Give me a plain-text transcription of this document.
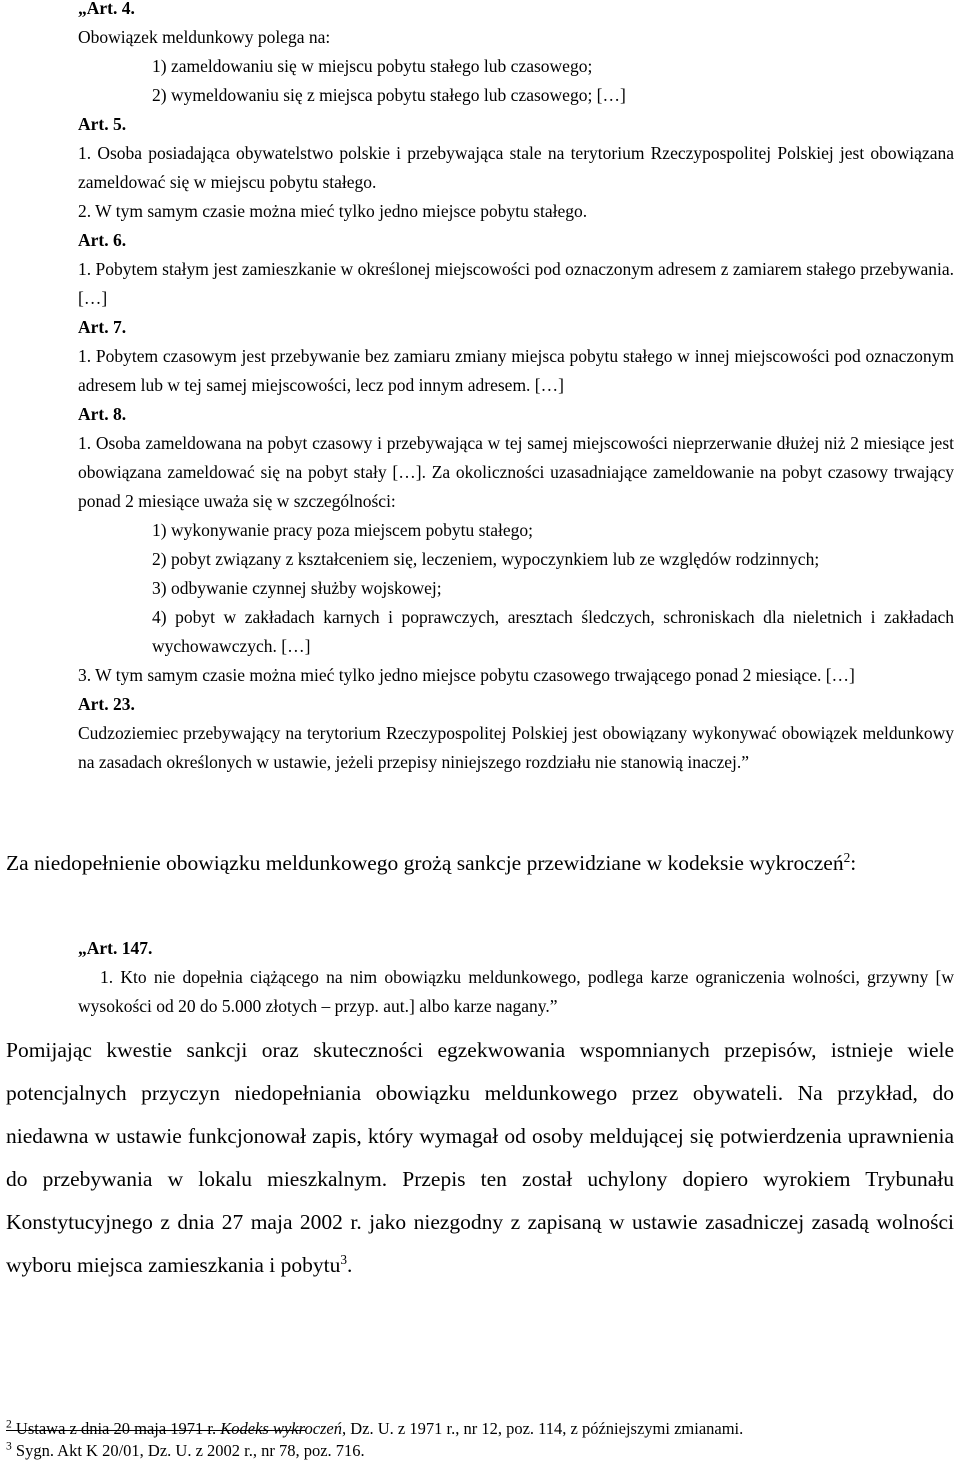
„Art. 4.

Obowiązek meldunkowy polega na:

1) zameldowaniu się w miejscu pobytu stałego lub czasowego;

2) wymeldowaniu się z miejsca pobytu stałego lub czasowego; […]

Art. 5.

1. Osoba posiadająca obywatelstwo polskie i przebywająca stale na terytorium Rzeczypospolitej Polskiej jest obowiązana zameldować się w miejscu pobytu stałego.

2. W tym samym czasie można mieć tylko jedno miejsce pobytu stałego.

Art. 6.

1. Pobytem stałym jest zamieszkanie w określonej miejscowości pod oznaczonym adresem z zamiarem stałego przebywania. […]

Art. 7.

1. Pobytem czasowym jest przebywanie bez zamiaru zmiany miejsca pobytu stałego w innej miejscowości pod oznaczonym adresem lub w tej samej miejscowości, lecz pod innym adresem. […]

Art. 8.

1. Osoba zameldowana na pobyt czasowy i przebywająca w tej samej miejscowości nieprzerwanie dłużej niż 2 miesiące jest obowiązana zameldować się na pobyt stały […]. Za okoliczności uzasadniające zameldowanie na pobyt czasowy trwający ponad 2 miesiące uważa się w szczególności:

1) wykonywanie pracy poza miejscem pobytu stałego;

2) pobyt związany z kształceniem się, leczeniem, wypoczynkiem lub ze względów rodzinnych;

3) odbywanie czynnej służby wojskowej;

4) pobyt w zakładach karnych i poprawczych, aresztach śledczych, schroniskach dla nieletnich i zakładach wychowawczych. […]

3. W tym samym czasie można mieć tylko jedno miejsce pobytu czasowego trwającego ponad 2 miesiące. […]

Art. 23.

Cudzoziemiec przebywający na terytorium Rzeczypospolitej Polskiej jest obowiązany wykonywać obowiązek meldunkowy na zasadach określonych w ustawie, jeżeli przepisy niniejszego rozdziału nie stanowią inaczej.”

Za niedopełnienie obowiązku meldunkowego grożą sankcje przewidziane w kodeksie wykroczeń$^2$:

„Art. 147.

1. Kto nie dopełnia ciążącego na nim obowiązku meldunkowego, podlega karze ograniczenia wolności, grzywny [w wysokości od 20 do 5.000 złotych – przyp. aut.] albo karze nagany.”

Pomijając kwestie sankcji oraz skuteczności egzekwowania wspomnianych przepisów, istnieje wiele potencjalnych przyczyn niedopełniania obowiązku meldunkowego przez obywateli. Na przykład, do niedawna w ustawie funkcjonował zapis, który wymagał od osoby meldującej się potwierdzenia uprawnienia do przebywania w lokalu mieszkalnym. Przepis ten został uchylony dopiero wyrokiem Trybunału Konstytucyjnego z dnia 27 maja 2002 r. jako niezgodny z zapisaną w ustawie zasadniczej zasadą wolności wyboru miejsca zamieszkania i pobytu$^3$.

$^2$ Ustawa z dnia 20 maja 1971 r. Kodeks wykroczeń, Dz. U. z 1971 r., nr 12, poz. 114, z późniejszymi zmianami.
$^3$ Sygn. Akt K 20/01, Dz. U. z 2002 r., nr 78, poz. 716.
